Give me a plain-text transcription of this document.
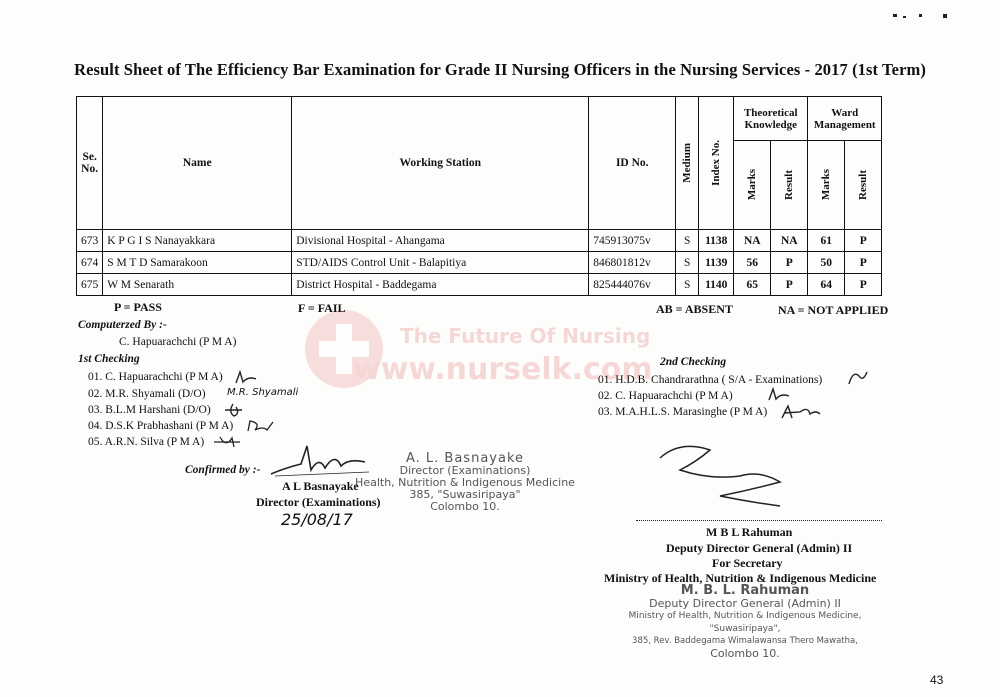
Result Sheet of The Efficiency Bar Examination for Grade II Nursing Officers in the Nursing Services - 2017 (1st Term)
Se. No.	Name	Working Station	ID No.	Medium	Index No.	Theoretical Knowledge		Ward Management	

						Marks	Result	Marks	Result

673	K P G I S Nanayakkara	Divisional Hospital - Ahangama	745913075v	S	1138	NA	NA	61	P
674	S M T D Samarakoon	STD/AIDS Control Unit - Balapitiya	846801812v	S	1139	56	P	50	P
675	W M Senarath	District Hospital - Baddegama	825444076v	S	1140	65	P	64	P
The Future Of Nursing
www.nurselk.com
P = PASS	F = FAIL	AB = ABSENT	NA = NOT APPLIED
Computerzed By :-
C. Hapuarachchi (P M A)
1st Checking
01. C. Hapuarachchi (P M A)
02. M.R. Shyamali (D/O)
03. B.L.M Harshani (D/O)
04. D.S.K Prabhashani (P M A)
05. A.R.N. Silva (P M A)
M.R. Shyamali
Confirmed by :-
A L Basnayake
Director (Examinations)
25/08/17
A. L. Basnayake
Director (Examinations)
Health, Nutrition & Indigenous Medicine
385, "Suwasiripaya"
Colombo 10.
2nd Checking
01. H.D.B. Chandrarathna ( S/A - Examinations)
02. C. Hapuarachchi (P M A)
03. M.A.H.L.S. Marasinghe (P M A)
M B L Rahuman
Deputy Director General (Admin) II
For Secretary
Ministry of Health, Nutrition & Indigenous Medicine
M. B. L. Rahuman
Deputy Director General (Admin) II
Ministry of Health, Nutrition & Indigenous Medicine,
"Suwasiripaya",
385, Rev. Baddegama Wimalawansa Thero Mawatha,
Colombo 10.
43
